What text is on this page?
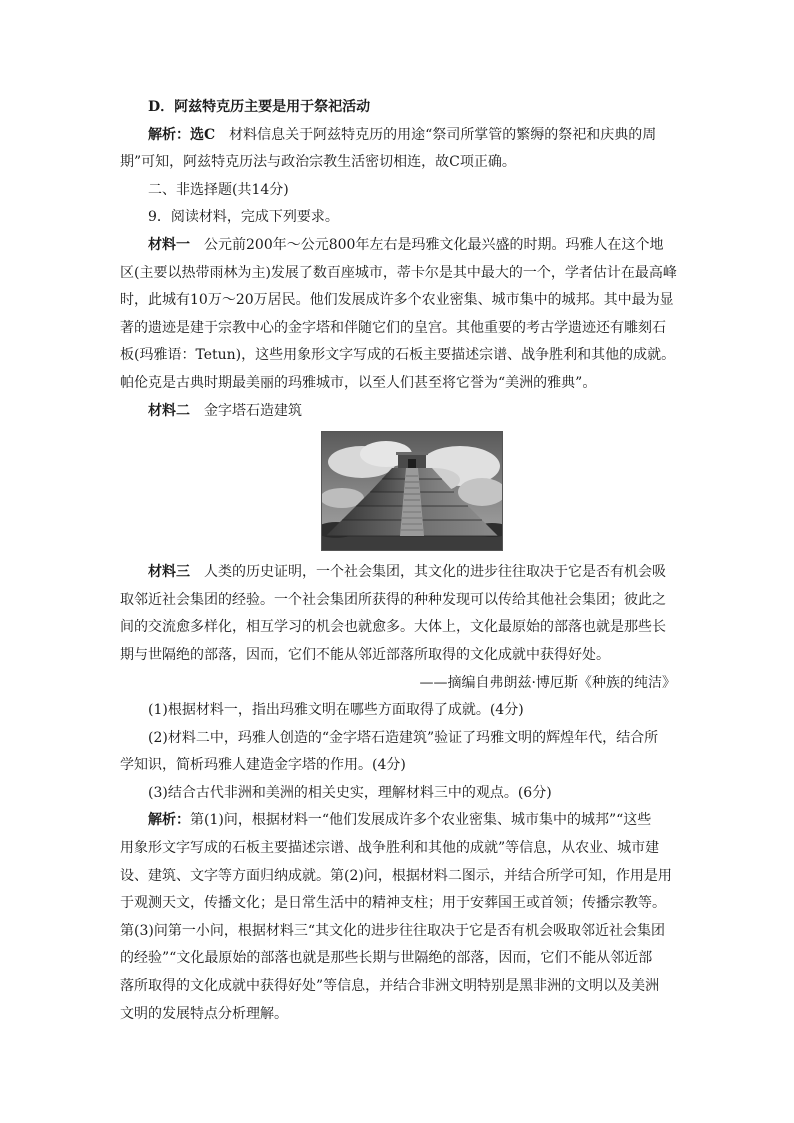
D．阿兹特克历主要是用于祭祀活动
解析：选C 材料信息关于阿兹特克历的用途“祭司所掌管的繁缛的祭祀和庆典的周
期”可知，阿兹特克历法与政治宗教生活密切相连，故C项正确。
二、非选择题(共14分)
9．阅读材料，完成下列要求。
材料一 公元前200年～公元800年左右是玛雅文化最兴盛的时期。玛雅人在这个地
区(主要以热带雨林为主)发展了数百座城市，蒂卡尔是其中最大的一个，学者估计在最高峰
时，此城有10万～20万居民。他们发展成许多个农业密集、城市集中的城邦。其中最为显
著的遗迹是建于宗教中心的金字塔和伴随它们的皇宫。其他重要的考古学遗迹还有雕刻石
板(玛雅语：Tetun)，这些用象形文字写成的石板主要描述宗谱、战争胜利和其他的成就。
帕伦克是古典时期最美丽的玛雅城市，以至人们甚至将它誉为“美洲的雅典”。
材料二 金字塔石造建筑
材料三 人类的历史证明，一个社会集团，其文化的进步往往取决于它是否有机会吸
取邻近社会集团的经验。一个社会集团所获得的种种发现可以传给其他社会集团；彼此之
间的交流愈多样化，相互学习的机会也就愈多。大体上，文化最原始的部落也就是那些长
期与世隔绝的部落，因而，它们不能从邻近部落所取得的文化成就中获得好处。
——摘编自弗朗兹·博厄斯《种族的纯洁》
(1)根据材料一，指出玛雅文明在哪些方面取得了成就。(4分)
(2)材料二中，玛雅人创造的“金字塔石造建筑”验证了玛雅文明的辉煌年代，结合所
学知识，简析玛雅人建造金字塔的作用。(4分)
(3)结合古代非洲和美洲的相关史实，理解材料三中的观点。(6分)
解析：第(1)问，根据材料一“他们发展成许多个农业密集、城市集中的城邦”“这些
用象形文字写成的石板主要描述宗谱、战争胜利和其他的成就”等信息，从农业、城市建
设、建筑、文字等方面归纳成就。第(2)问，根据材料二图示，并结合所学可知，作用是用
于观测天文，传播文化；是日常生活中的精神支柱；用于安葬国王或首领；传播宗教等。
第(3)问第一小问，根据材料三“其文化的进步往往取决于它是否有机会吸取邻近社会集团
的经验”“文化最原始的部落也就是那些长期与世隔绝的部落，因而，它们不能从邻近部
落所取得的文化成就中获得好处”等信息，并结合非洲文明特别是黑非洲的文明以及美洲
文明的发展特点分析理解。
